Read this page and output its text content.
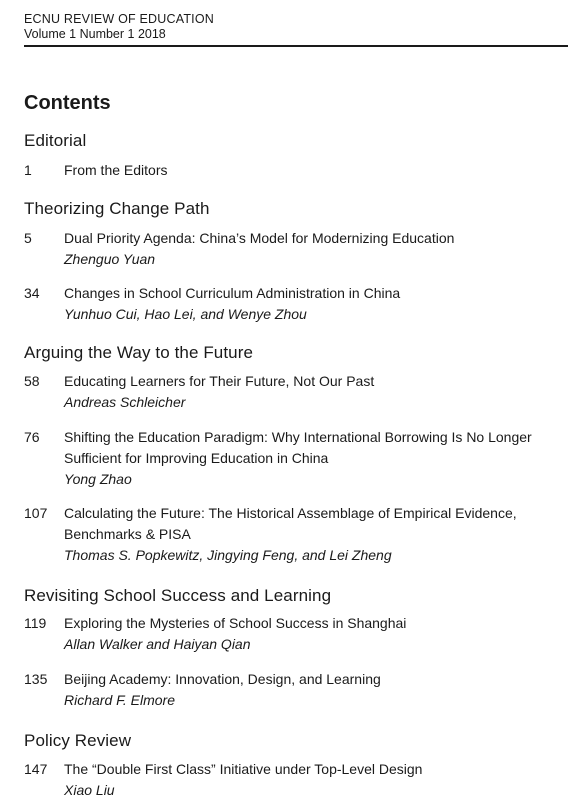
ECNU REVIEW OF EDUCATION
Volume 1 Number 1 2018
Contents
Editorial
1	From the Editors
Theorizing Change Path
5	Dual Priority Agenda: China’s Model for Modernizing Education
Zhenguo Yuan
34	Changes in School Curriculum Administration in China
Yunhuo Cui, Hao Lei, and Wenye Zhou
Arguing the Way to the Future
58	Educating Learners for Their Future, Not Our Past
Andreas Schleicher
76	Shifting the Education Paradigm: Why International Borrowing Is No Longer
Sufficient for Improving Education in China
Yong Zhao
107	Calculating the Future: The Historical Assemblage of Empirical Evidence,
Benchmarks & PISA
Thomas S. Popkewitz, Jingying Feng, and Lei Zheng
Revisiting School Success and Learning
119	Exploring the Mysteries of School Success in Shanghai
Allan Walker and Haiyan Qian
135	Beijing Academy: Innovation, Design, and Learning
Richard F. Elmore
Policy Review
147	The “Double First Class” Initiative under Top-Level Design
Xiao Liu
